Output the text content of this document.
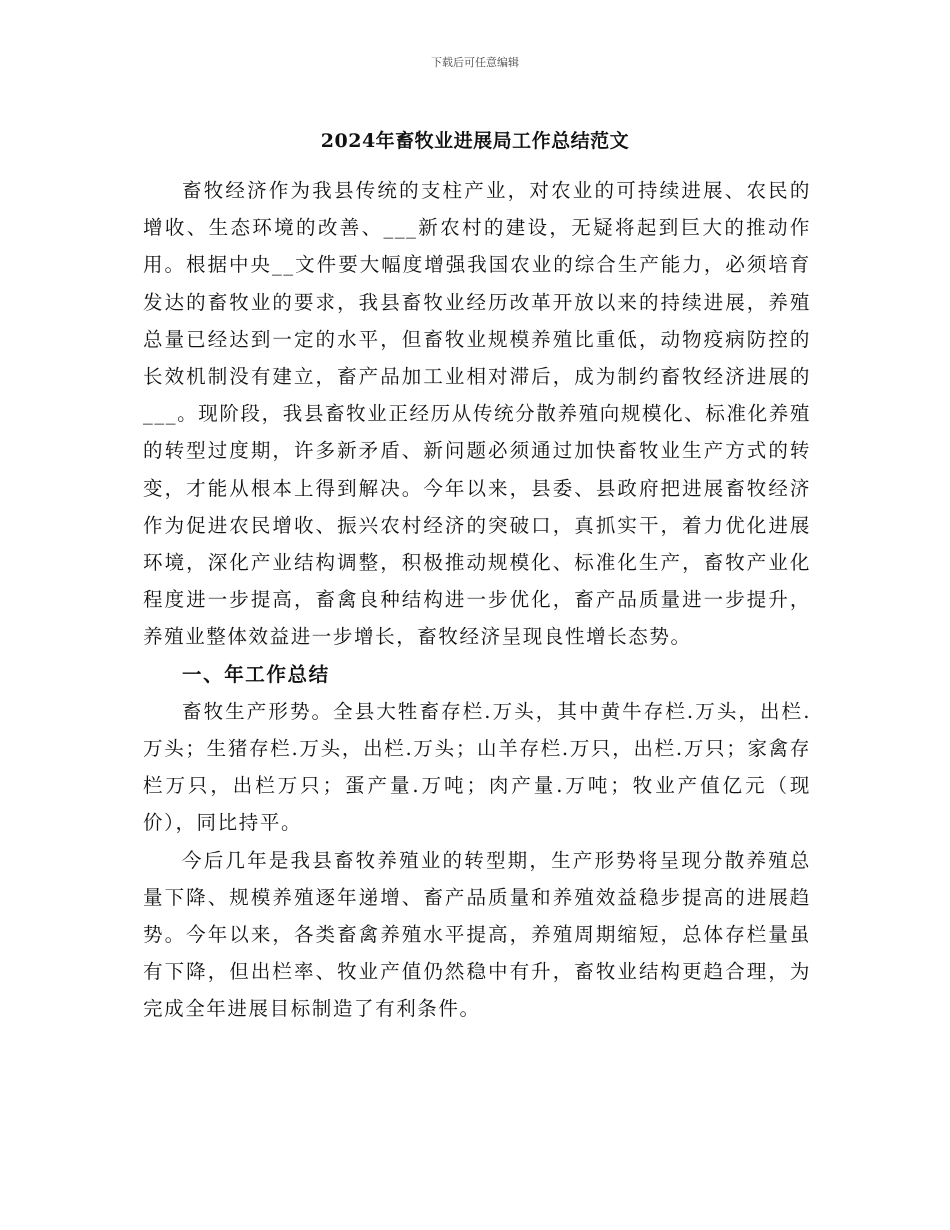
下载后可任意编辑
2024年畜牧业进展局工作总结范文

畜牧经济作为我县传统的支柱产业，对农业的可持续进展、农民的增收、生态环境的改善、___新农村的建设，无疑将起到巨大的推动作用。根据中央__文件要大幅度增强我国农业的综合生产能力，必须培育发达的畜牧业的要求，我县畜牧业经历改革开放以来的持续进展，养殖总量已经达到一定的水平，但畜牧业规模养殖比重低，动物疫病防控的长效机制没有建立，畜产品加工业相对滞后，成为制约畜牧经济进展的___。现阶段，我县畜牧业正经历从传统分散养殖向规模化、标准化养殖的转型过度期，许多新矛盾、新问题必须通过加快畜牧业生产方式的转变，才能从根本上得到解决。今年以来，县委、县政府把进展畜牧经济作为促进农民增收、振兴农村经济的突破口，真抓实干，着力优化进展环境，深化产业结构调整，积极推动规模化、标准化生产，畜牧产业化程度进一步提高，畜禽良种结构进一步优化，畜产品质量进一步提升，养殖业整体效益进一步增长，畜牧经济呈现良性增长态势。

一、年工作总结

畜牧生产形势。全县大牲畜存栏.万头，其中黄牛存栏.万头，出栏.万头；生猪存栏.万头，出栏.万头；山羊存栏.万只，出栏.万只；家禽存栏万只，出栏万只；蛋产量.万吨；肉产量.万吨；牧业产值亿元（现价），同比持平。

今后几年是我县畜牧养殖业的转型期，生产形势将呈现分散养殖总量下降、规模养殖逐年递增、畜产品质量和养殖效益稳步提高的进展趋势。今年以来，各类畜禽养殖水平提高，养殖周期缩短，总体存栏量虽有下降，但出栏率、牧业产值仍然稳中有升，畜牧业结构更趋合理，为完成全年进展目标制造了有利条件。
